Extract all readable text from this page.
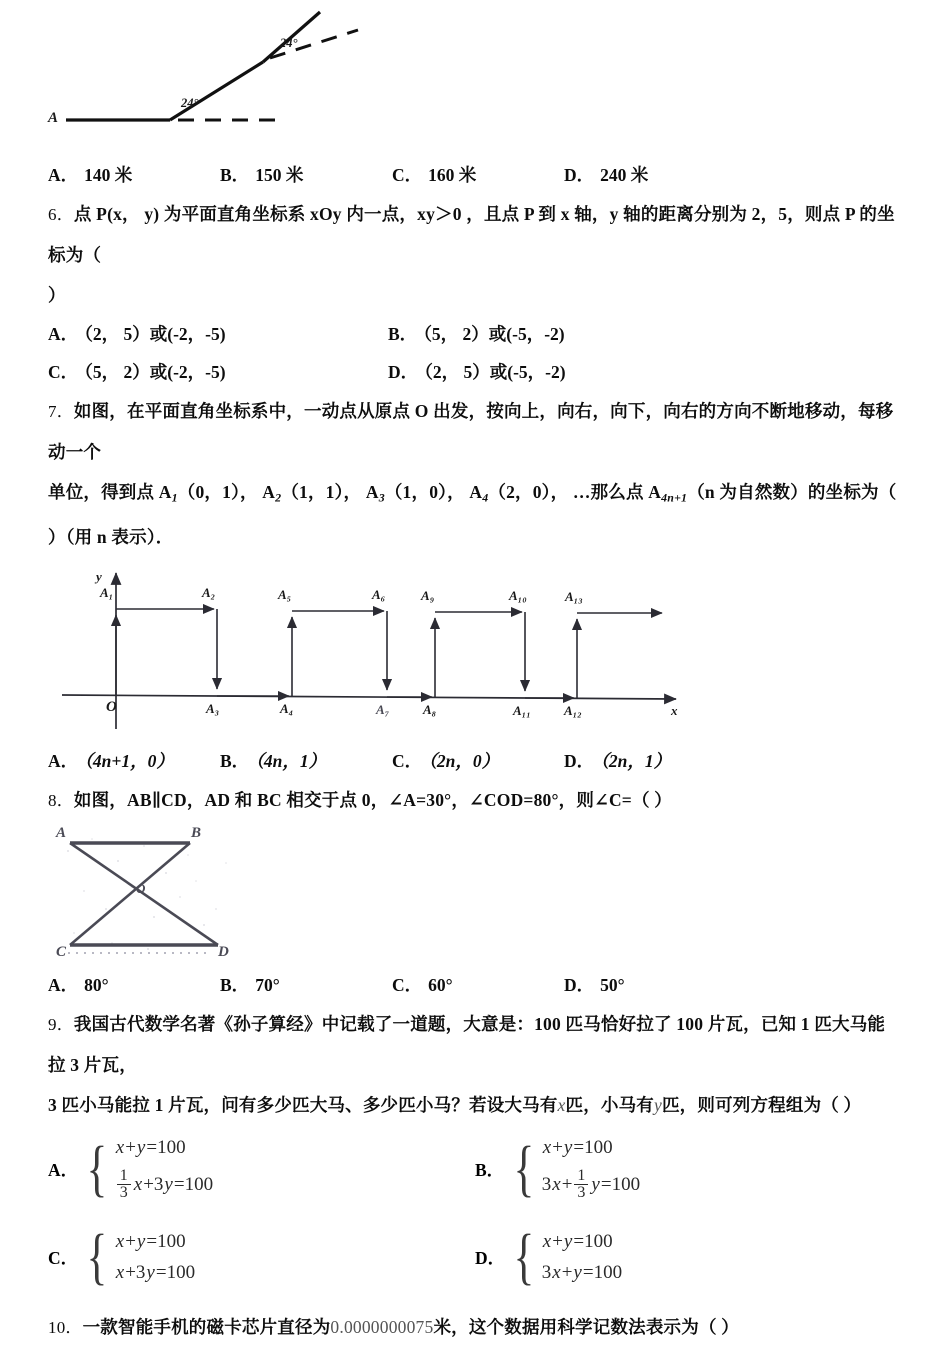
A
24°
24°
A． 140 米	B． 150 米	C． 160 米	D． 240 米
6．点 P(x， y) 为平面直角坐标系 xOy 内一点，xy＞0 ，且点 P 到 x 轴，y 轴的距离分别为 2，5，则点 P 的坐标为（
）
A． （2， 5）或(-2，-5)	B． （5， 2）或(-5，-2)
C． （5， 2）或(-2，-5)	D． （2， 5）或(-5，-2)
7．如图，在平面直角坐标系中，一动点从原点 O 出发，按向上，向右，向下，向右的方向不断地移动，每移动一个
单位，得到点 $A_1(0$，1）， $A_2(1$，1）， $A_3(1$，0）， $A_4(2$，0）， …那么点 $A_{4n+1}(n$ 为自然数）的坐标为（
）（用 n 表示）．
y
x
O
A₁	A₂
A₃	A₄
A₅	A₆
A₇	A₈
A₉	A₁₀
A₁₁	A₁₂
A₁₃
A． （4n+1，0）	B． （4n，1）	C． （2n，0）	D． （2n，1）
8．如图，AB∥CD，AD 和 BC 相交于点 0，∠A=30°，∠COD=80°，则∠C=（ ）
A	B
C	D
O
A． 80°	B． 70°	C． 60°	D． 50°
9．我国古代数学名著《孙子算经》中记载了一道题，大意是：100 匹马恰好拉了 100 片瓦，已知 1 匹大马能拉 3 片瓦，
3 匹小马能拉 1 片瓦，问有多少匹大马、多少匹小马？若设大马有x匹，小马有y匹，则可列方程组为（ ）
A． { x + y =100
$\frac{1}{3}$ x + 3 y =100
B． { x + y =100
3 $x + \frac{1}{3}$ y =100
C． { x + y =100
x + 3 y =100
D． { x + y =100
3 x + y =100
10．一款智能手机的磁卡芯片直径为0.0000000075米，这个数据用科学记数法表示为（ ）
